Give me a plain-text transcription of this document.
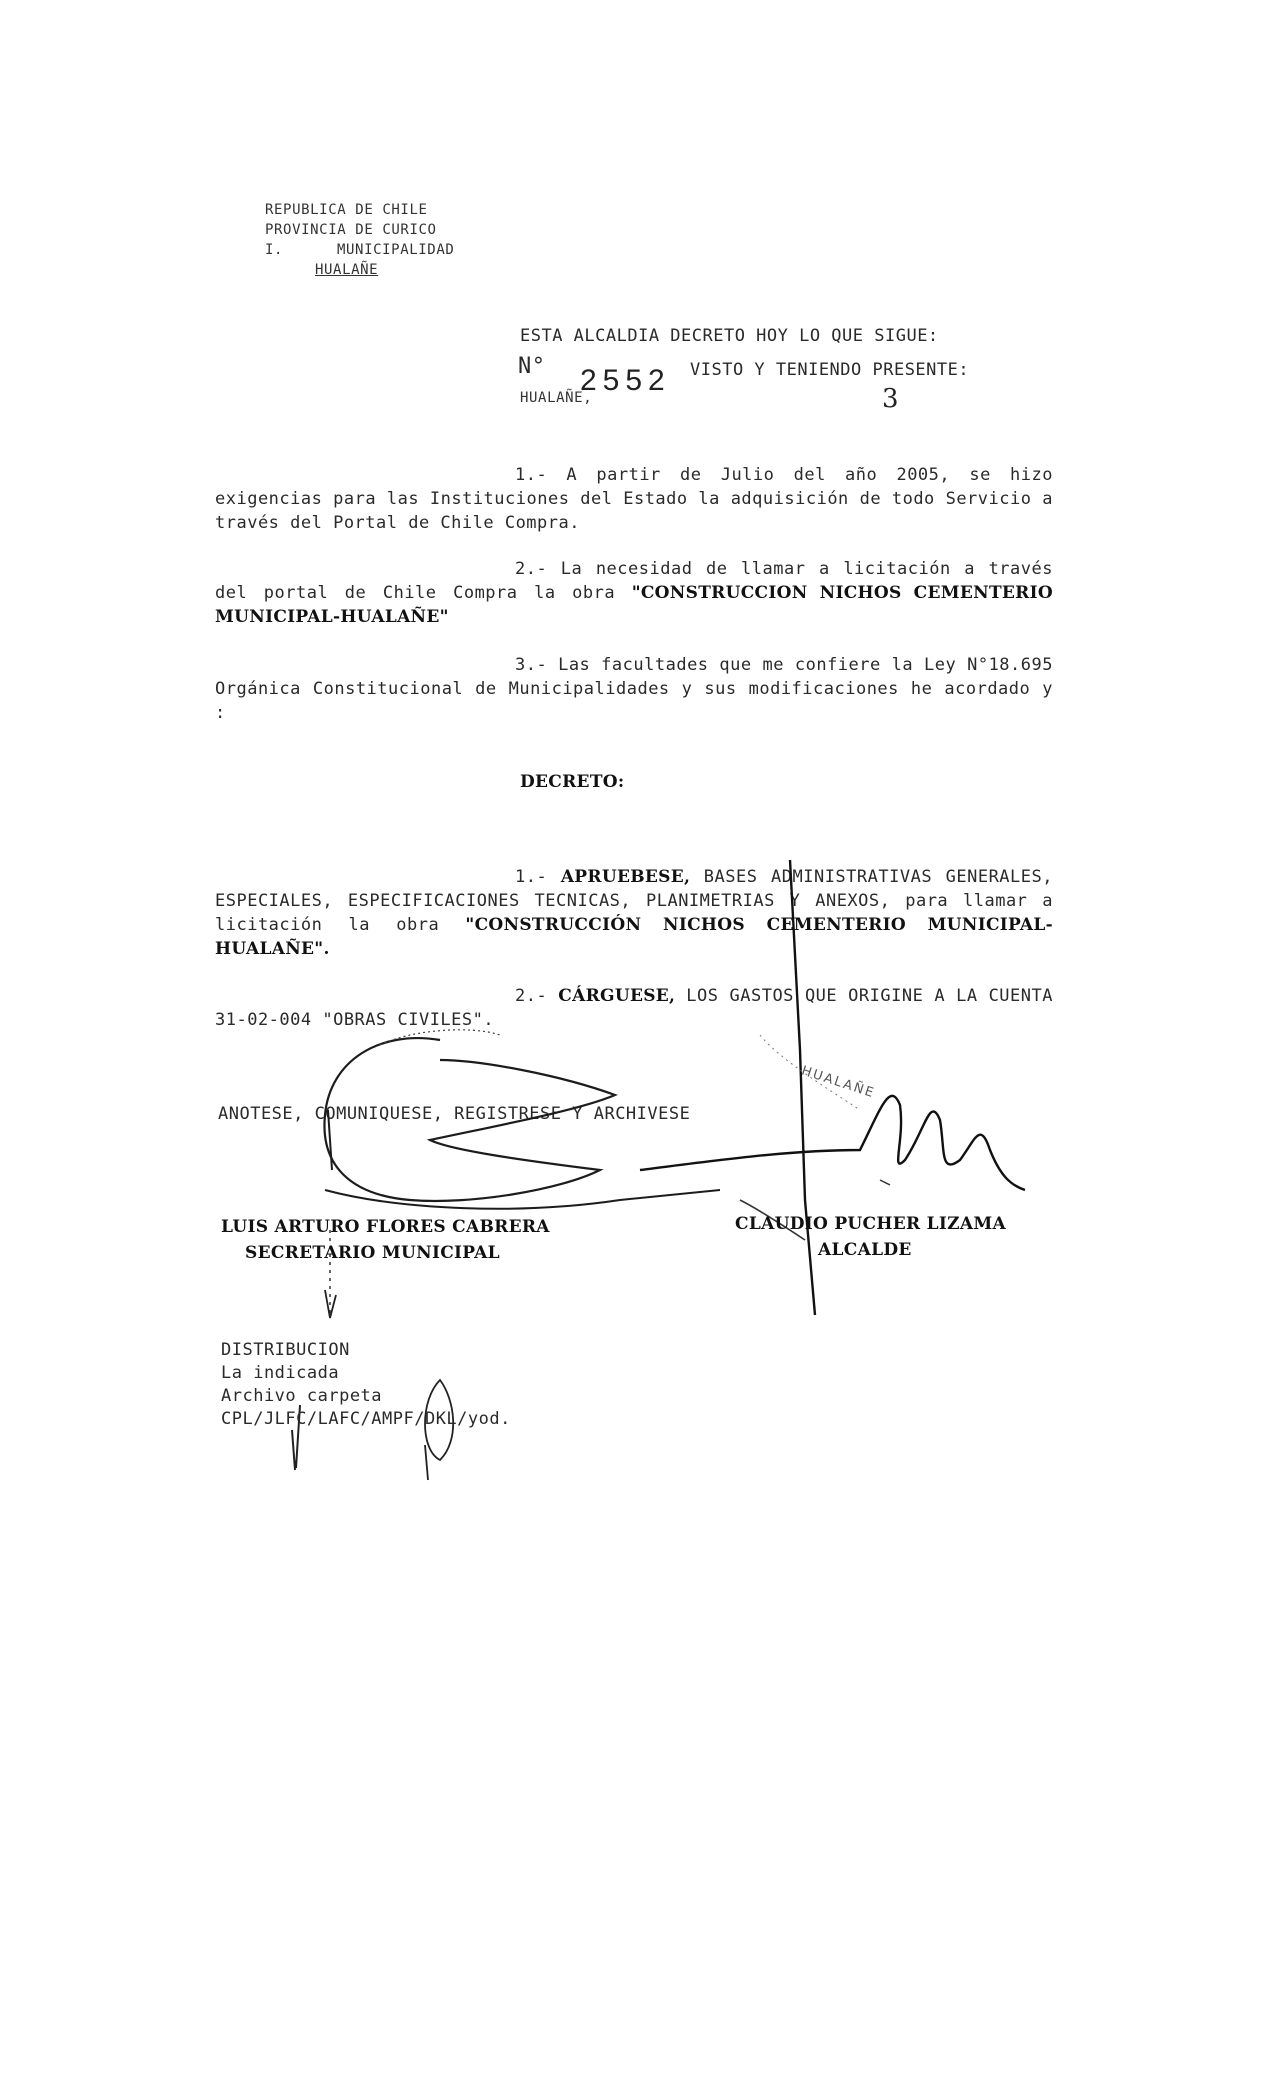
REPUBLICA DE CHILE
PROVINCIA DE CURICO
I.	MUNICIPALIDAD
HUALAÑE
ESTA ALCALDIA DECRETO HOY LO QUE SIGUE:
N° 2552 VISTO Y TENIENDO PRESENTE:
HUALAÑE,	3
1.- A partir de Julio del año 2005, se hizo exigencias para las Instituciones del Estado la adquisición de todo Servicio a través del Portal de Chile Compra.
2.- La necesidad de llamar a licitación a través del portal de Chile Compra la obra "CONSTRUCCION NICHOS CEMENTERIO MUNICIPAL-HUALAÑE"
3.- Las facultades que me confiere la Ley N°18.695 Orgánica Constitucional de Municipalidades y sus modificaciones he acordado y :
DECRETO:
1.- APRUEBESE, BASES ADMINISTRATIVAS GENERALES, ESPECIALES, ESPECIFICACIONES TECNICAS, PLANIMETRIAS Y ANEXOS, para llamar a licitación la obra "CONSTRUCCIÓN NICHOS CEMENTERIO MUNICIPAL-HUALAÑE".
2.- CÁRGUESE, LOS GASTOS QUE ORIGINE A LA CUENTA 31-02-004 "OBRAS CIVILES".
ANOTESE, COMUNIQUESE, REGISTRESE Y ARCHIVESE
HUALAÑE
LUIS ARTURO FLORES CABRERA
SECRETARIO MUNICIPAL
CLAUDIO PUCHER LIZAMA
ALCALDE
DISTRIBUCION
La indicada
Archivo carpeta
CPL/JLFC/LAFC/AMPF/DKL/yod.
